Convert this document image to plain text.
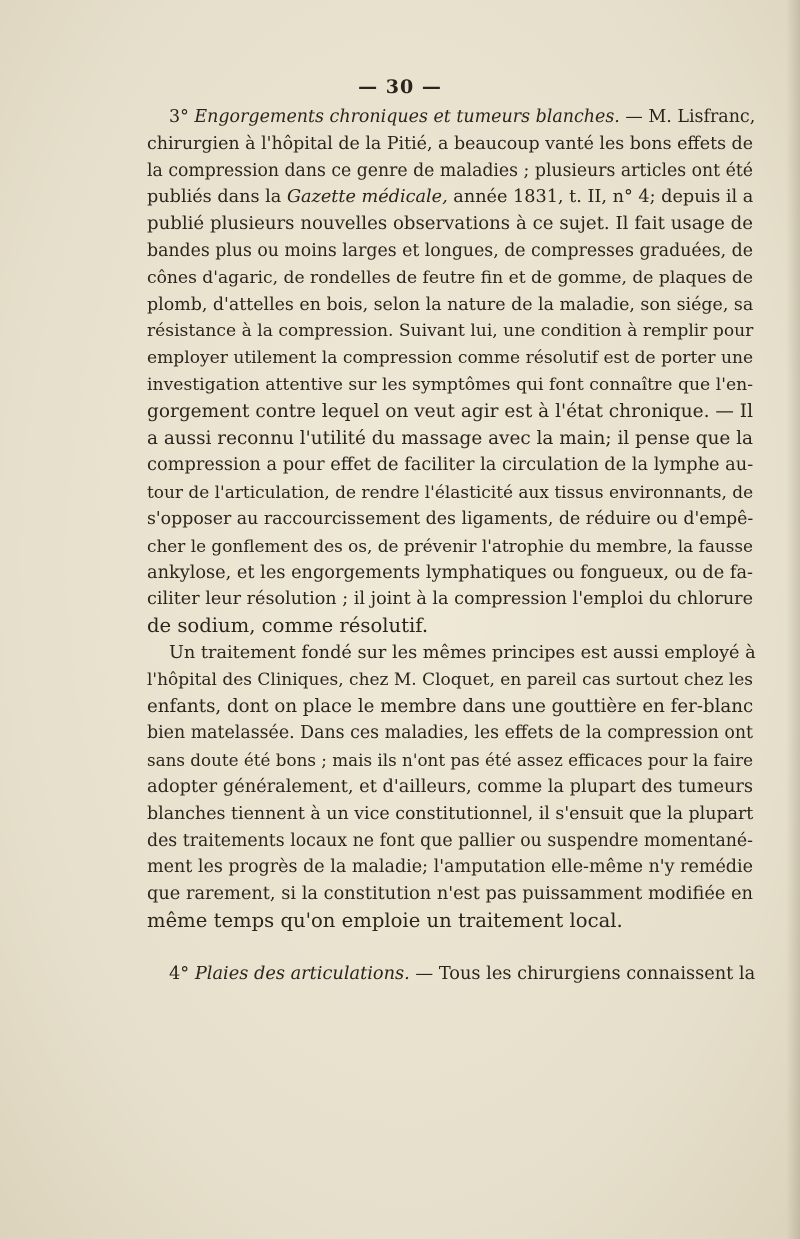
— 30 —
3° Engorgements chroniques et tumeurs blanches. — M. Lisfranc,
chirurgien à l'hôpital de la Pitié, a beaucoup vanté les bons effets de
la compression dans ce genre de maladies ; plusieurs articles ont été
publiés dans la Gazette médicale, année 1831, t. II, n° 4; depuis il a
publié plusieurs nouvelles observations à ce sujet. Il fait usage de
bandes plus ou moins larges et longues, de compresses graduées, de
cônes d'agaric, de rondelles de feutre fin et de gomme, de plaques de
plomb, d'attelles en bois, selon la nature de la maladie, son siége, sa
résistance à la compression. Suivant lui, une condition à remplir pour
employer utilement la compression comme résolutif est de porter une
investigation attentive sur les symptômes qui font connaître que l'en-
gorgement contre lequel on veut agir est à l'état chronique. — Il
a aussi reconnu l'utilité du massage avec la main; il pense que la
compression a pour effet de faciliter la circulation de la lymphe au-
tour de l'articulation, de rendre l'élasticité aux tissus environnants, de
s'opposer au raccourcissement des ligaments, de réduire ou d'empê-
cher le gonflement des os, de prévenir l'atrophie du membre, la fausse
ankylose, et les engorgements lymphatiques ou fongueux, ou de fa-
ciliter leur résolution ; il joint à la compression l'emploi du chlorure
de sodium, comme résolutif.
Un traitement fondé sur les mêmes principes est aussi employé à
l'hôpital des Cliniques, chez M. Cloquet, en pareil cas surtout chez les
enfants, dont on place le membre dans une gouttière en fer-blanc
bien matelassée. Dans ces maladies, les effets de la compression ont
sans doute été bons ; mais ils n'ont pas été assez efficaces pour la faire
adopter généralement, et d'ailleurs, comme la plupart des tumeurs
blanches tiennent à un vice constitutionnel, il s'ensuit que la plupart
des traitements locaux ne font que pallier ou suspendre momentané-
ment les progrès de la maladie; l'amputation elle-même n'y remédie
que rarement, si la constitution n'est pas puissamment modifiée en
même temps qu'on emploie un traitement local.
4° Plaies des articulations. — Tous les chirurgiens connaissent la
